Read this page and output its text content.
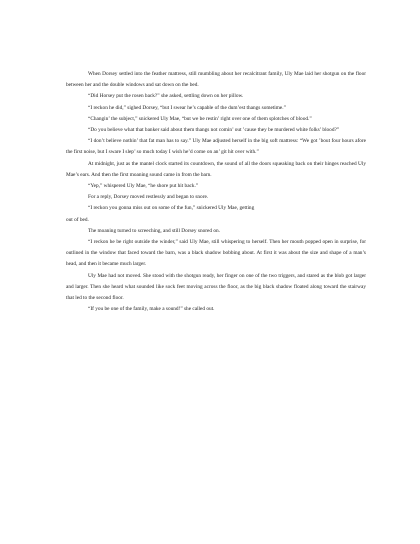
When Dorsey settled into the feather mattress, still mumbling about her recalcitrant family, Uly Mae laid her shotgun on the floor between her and the double windows and sat down on the bed.

“Did Horsey put the rosen back?” she asked, settling down on her pillow.

“I reckon he did,” sighed Dorsey, “but I swear he’s capable of the dum’est thangs sometime.”

“Changin’ the subject,” snickered Uly Mae, “but we be restin’ right over one of them splotches of blood.”

“Do you believe what that banker said about them thangs not comin’ out ’cause they be murdered white folks’ blood?”

“I don’t believe nothin’ that fat man has to say.” Uly Mae adjusted herself in the big soft mattress: “We got ’bout four hours afore the first noise, but I sware I slep’ so much today I wish he’d come on an’ git hit over with.”

At midnight, just as the mantel clock started its countdown, the sound of all the doors squeaking back on their hinges reached Uly Mae’s ears. And then the first moaning sound came in from the barn.

“Yep,” whispered Uly Mae, “he shore put hit back.”

For a reply, Dorsey moved restlessly and began to snore.

“I reckon you gonna miss out on some of the fun,” snickered Uly Mae, getting

out of bed.

The moaning turned to screeching, and still Dorsey snored on.

“I reckon he be right outside the winder,” said Uly Mae, still whispering to herself. Then her mouth popped open in surprise, for outlined in the window that faced toward the barn, was a black shadow bobbing about. At first it was about the size and shape of a man’s head, and then it became much larger.

Uly Mae had not moved. She stood with the shotgun ready, her finger on one of the two triggers, and stared as the blob got larger and larger. Then she heard what sounded like sock feet moving across the floor, as the big black shadow floated along toward the stairway that led to the second floor.

“If you be one of the family, make a sound!” she called out.
